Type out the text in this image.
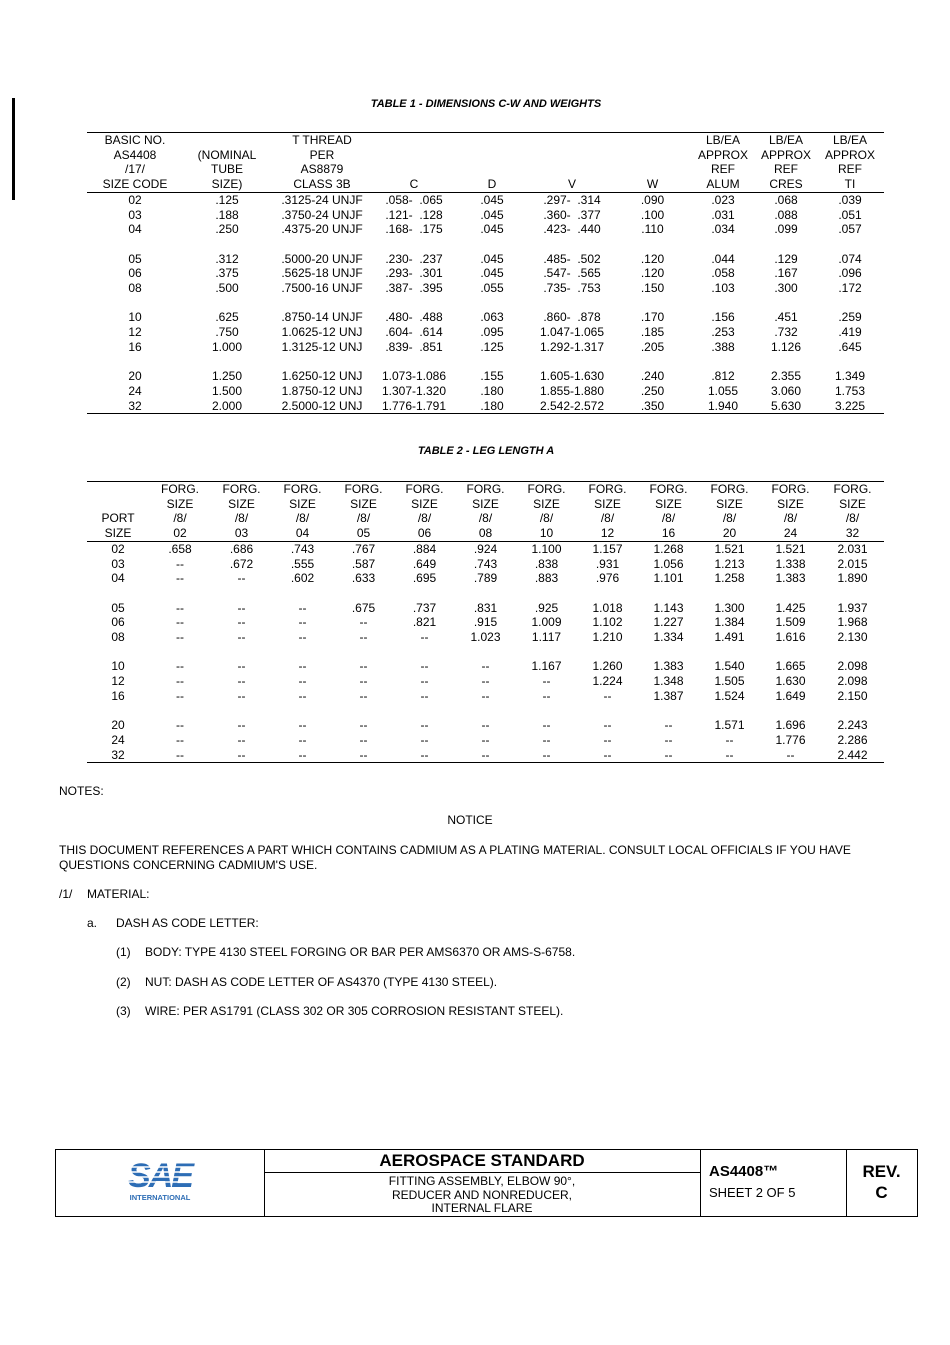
TABLE 1 - DIMENSIONS C-W AND WEIGHTS
BASIC NO.		T THREAD					LB/EA	LB/EA	LB/EA
AS4408	(NOMINAL	PER					APPROX	APPROX	APPROX
/17/	TUBE	AS8879					REF	REF	REF
SIZE CODE	SIZE)	CLASS 3B	C	D	V	W	ALUM	CRES	TI
02	.125	.3125-24 UNJF	.058-  .065	.045	.297-  .314	.090	.023	.068	.039
03	.188	.3750-24 UNJF	.121-  .128	.045	.360-  .377	.100	.031	.088	.051
04	.250	.4375-20 UNJF	.168-  .175	.045	.423-  .440	.110	.034	.099	.057

05	.312	.5000-20 UNJF	.230-  .237	.045	.485-  .502	.120	.044	.129	.074
06	.375	.5625-18 UNJF	.293-  .301	.045	.547-  .565	.120	.058	.167	.096
08	.500	.7500-16 UNJF	.387-  .395	.055	.735-  .753	.150	.103	.300	.172

10	.625	.8750-14 UNJF	.480-  .488	.063	.860-  .878	.170	.156	.451	.259
12	.750	1.0625-12 UNJ	.604-  .614	.095	1.047-1.065	.185	.253	.732	.419
16	1.000	1.3125-12 UNJ	.839-  .851	.125	1.292-1.317	.205	.388	1.126	.645

20	1.250	1.6250-12 UNJ	1.073-1.086	.155	1.605-1.630	.240	.812	2.355	1.349
24	1.500	1.8750-12 UNJ	1.307-1.320	.180	1.855-1.880	.250	1.055	3.060	1.753
32	2.000	2.5000-12 UNJ	1.776-1.791	.180	2.542-2.572	.350	1.940	5.630	3.225
TABLE 2 - LEG LENGTH A
	FORG.	FORG.	FORG.	FORG.	FORG.	FORG.	FORG.	FORG.	FORG.	FORG.	FORG.	FORG.
	SIZE	SIZE	SIZE	SIZE	SIZE	SIZE	SIZE	SIZE	SIZE	SIZE	SIZE	SIZE
PORT	/8/	/8/	/8/	/8/	/8/	/8/	/8/	/8/	/8/	/8/	/8/	/8/
SIZE	02	03	04	05	06	08	10	12	16	20	24	32
02	.658	.686	.743	.767	.884	.924	1.100	1.157	1.268	1.521	1.521	2.031
03	--	.672	.555	.587	.649	.743	.838	.931	1.056	1.213	1.338	2.015
04	--	--	.602	.633	.695	.789	.883	.976	1.101	1.258	1.383	1.890

05	--	--	--	.675	.737	.831	.925	1.018	1.143	1.300	1.425	1.937
06	--	--	--	--	.821	.915	1.009	1.102	1.227	1.384	1.509	1.968
08	--	--	--	--	--	1.023	1.117	1.210	1.334	1.491	1.616	2.130

10	--	--	--	--	--	--	1.167	1.260	1.383	1.540	1.665	2.098
12	--	--	--	--	--	--	--	1.224	1.348	1.505	1.630	2.098
16	--	--	--	--	--	--	--	--	1.387	1.524	1.649	2.150

20	--	--	--	--	--	--	--	--	--	1.571	1.696	2.243
24	--	--	--	--	--	--	--	--	--	--	1.776	2.286
32	--	--	--	--	--	--	--	--	--	--	--	2.442
NOTES:
NOTICE
THIS DOCUMENT REFERENCES A PART WHICH CONTAINS CADMIUM AS A PLATING MATERIAL. CONSULT LOCAL OFFICIALS IF YOU HAVE QUESTIONS CONCERNING CADMIUM'S USE.
/1/ MATERIAL:
a. DASH AS CODE LETTER:
(1) BODY: TYPE 4130 STEEL FORGING OR BAR PER AMS6370 OR AMS-S-6758.
(2) NUT: DASH AS CODE LETTER OF AS4370 (TYPE 4130 STEEL).
(3) WIRE: PER AS1791 (CLASS 302 OR 305 CORROSION RESISTANT STEEL).
SAE
INTERNATIONAL
AEROSPACE STANDARD
FITTING ASSEMBLY, ELBOW 90°,
REDUCER AND NONREDUCER,
INTERNAL FLARE
AS4408™
SHEET 2 OF 5
REV.
C
